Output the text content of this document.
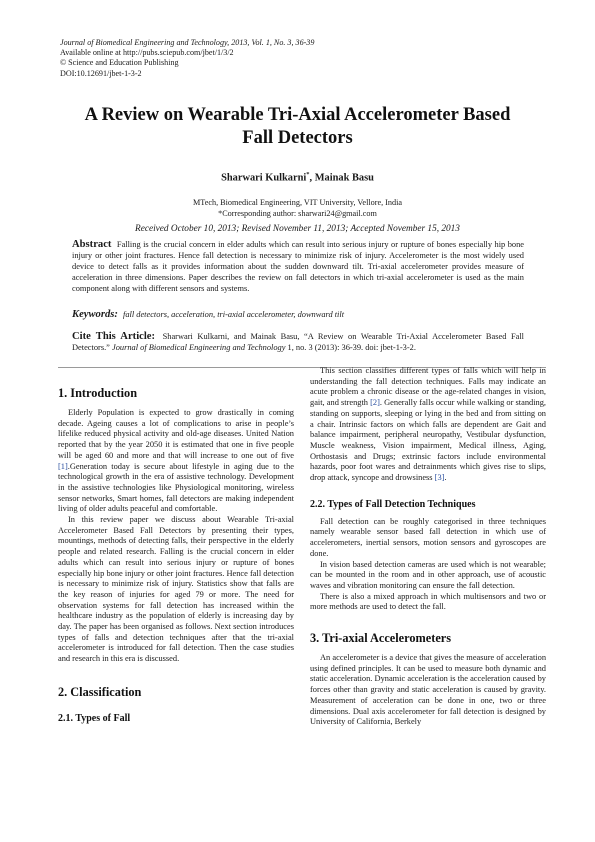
Journal of Biomedical Engineering and Technology, 2013, Vol. 1, No. 3, 36-39
Available online at http://pubs.sciepub.com/jbet/1/3/2
© Science and Education Publishing
DOI:10.12691/jbet-1-3-2
A Review on Wearable Tri-Axial Accelerometer Based
Fall Detectors
Sharwari Kulkarni*, Mainak Basu
MTech, Biomedical Engineering, VIT University, Vellore, India
*Corresponding author: sharwari24@gmail.com
Received October 10, 2013; Revised November 11, 2013; Accepted November 15, 2013
Abstract Falling is the crucial concern in elder adults which can result into serious injury or rupture of bones especially hip bone injury or other joint fractures. Hence fall detection is necessary to minimize risk of injury. Accelerometer is the most widely used device to detect falls as it provides information about the sudden downward tilt. Tri-axial accelerometer provides measure of acceleration in three dimensions. Paper describes the review on fall detectors in which tri-axial accelerometer is used as the main component along with different sensors and systems.
Keywords: fall detectors, acceleration, tri-axial accelerometer, downward tilt
Cite This Article: Sharwari Kulkarni, and Mainak Basu, “A Review on Wearable Tri-Axial Accelerometer Based Fall Detectors.” Journal of Biomedical Engineering and Technology 1, no. 3 (2013): 36-39. doi: jbet-1-3-2.
1. Introduction

Elderly Population is expected to grow drastically in coming decade. Ageing causes a lot of complications to arise in people’s lifelike reduced physical activity and old-age diseases. United Nation reported that by the year 2050 it is estimated that one in five people will be aged 60 and more and that will increase to one out of five [1].Generation today is secure about lifestyle in aging due to the technological growth in the era of assistive technology. Development in the assistive technologies like Physiological monitoring, wireless sensor networks, Smart homes, fall detectors are making independent living of older adults peaceful and comfortable.

In this review paper we discuss about Wearable Tri-axial Accelerometer Based Fall Detectors by presenting their types, mountings, methods of detecting falls, their perspective in the elderly people and related research. Falling is the crucial concern in elder adults which can result into serious injury or rupture of bones especially hip bone injury or other joint fractures. Hence fall detection is necessary to minimize risk of injury. Statistics show that falls are the key reason of injuries for aged 79 or more. The need for observation systems for fall detection has increased within the healthcare industry as the population of elderly is increasing day by day. The paper has been organised as follows. Next section introduces types of falls and detection techniques after that the tri-axial accelerometer is introduced for fall detection. Then the case studies and research in this era is discussed.

2. Classification
2.1. Types of Fall

This section classifies different types of falls which will help in understanding the fall detection techniques. Falls may indicate an acute problem a chronic disease or the age-related changes in vision, gait, and strength [2]. Generally falls occur while walking or standing, standing on supports, sleeping or lying in the bed and from sitting on a chair. Intrinsic factors on which falls are dependent are Gait and balance impairment, peripheral neuropathy, Vestibular dysfunction, Muscle weakness, Vision impairment, Medical illness, Aging, Orthostasis and Drugs; extrinsic factors include environmental hazards, poor foot wares and detrainments which gives rise to slips, drop attack, syncope and drowsiness [3].

2.2. Types of Fall Detection Techniques

Fall detection can be roughly categorised in three techniques namely wearable sensor based fall detection in which use of accelerometers, inertial sensors, motion sensors and gyroscopes are done.

In vision based detection cameras are used which is not wearable; can be mounted in the room and in other approach, use of acoustic waves and vibration monitoring can ensure the fall detection.

There is also a mixed approach in which multisensors and two or more methods are used to detect the fall.

3. Tri-axial Accelerometers

An accelerometer is a device that gives the measure of acceleration using defined principles. It can be used to measure both dynamic and static acceleration. Dynamic acceleration is the acceleration caused by forces other than gravity and static acceleration is caused by gravity. Measurement of acceleration can be done in one, two or three dimensions. Dual axis accelerometer for fall detection is designed by University of California, Berkely
